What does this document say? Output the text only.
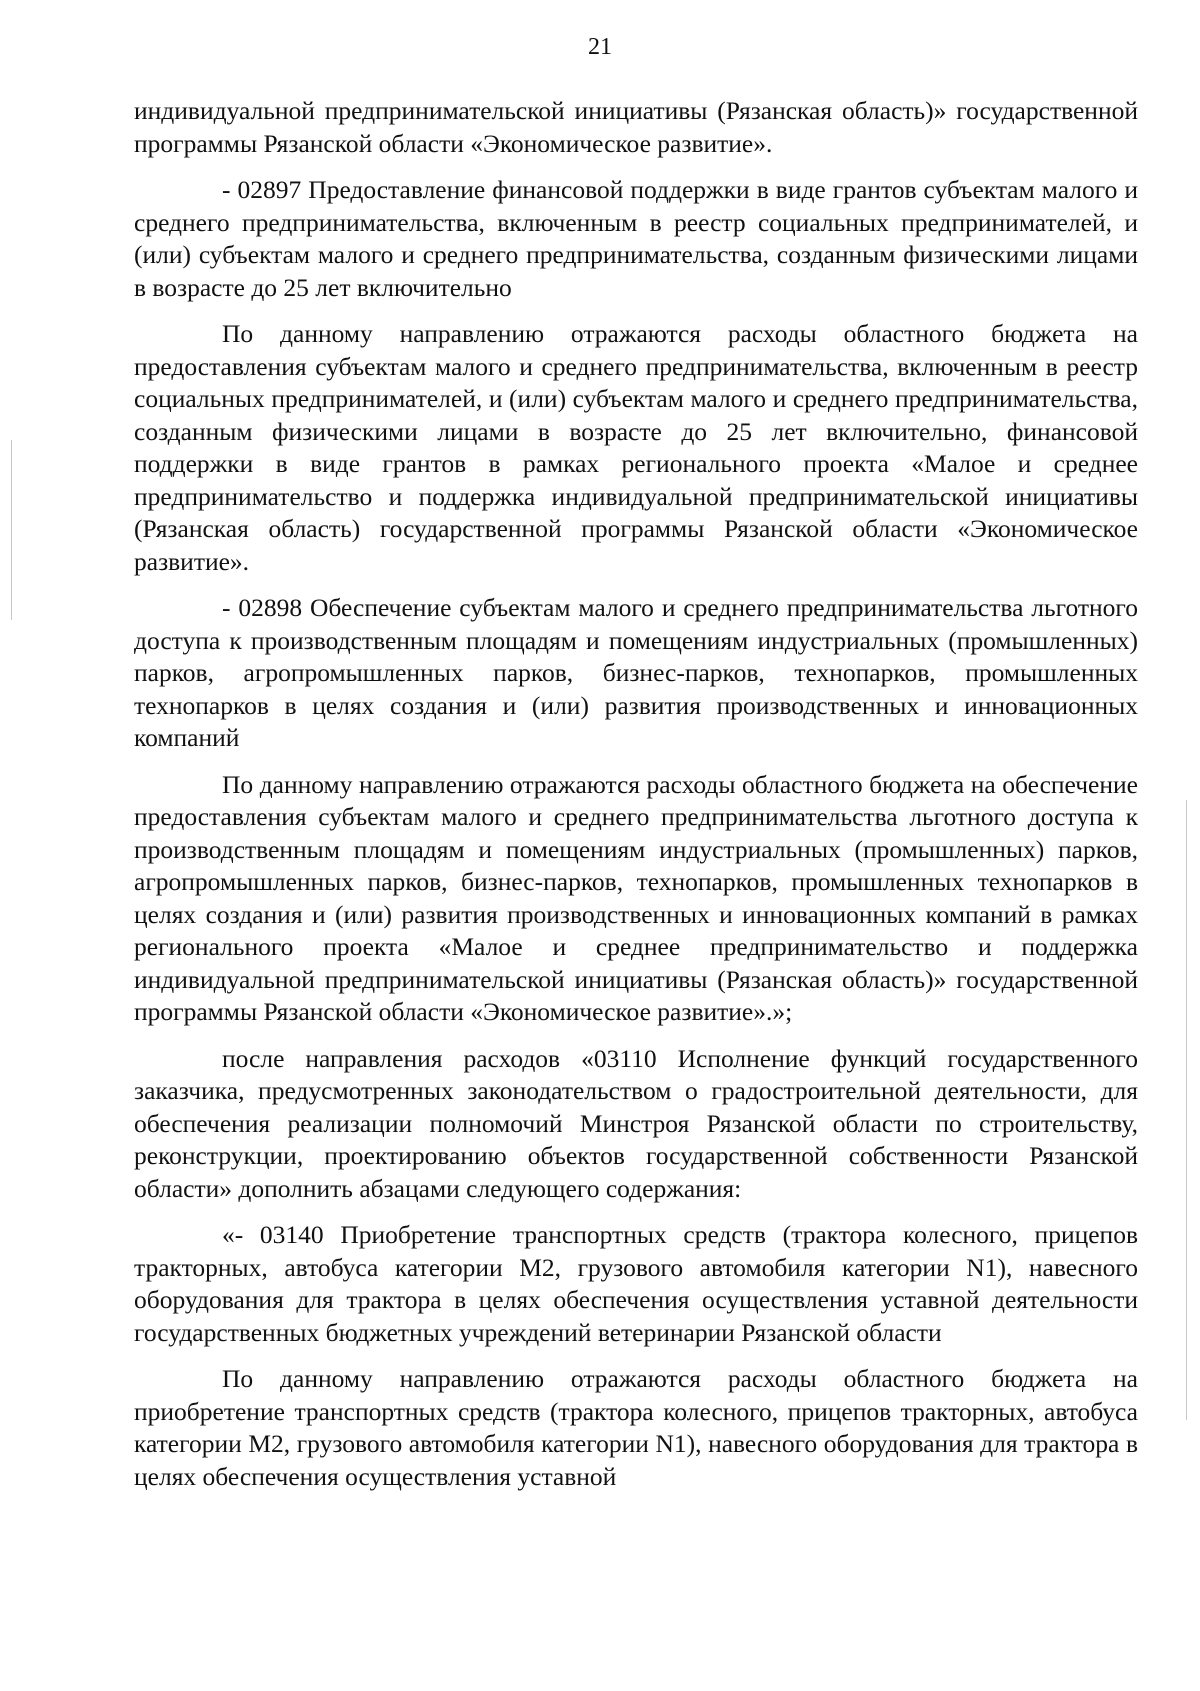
21

индивидуальной предпринимательской инициативы (Рязанская область)» государственной программы Рязанской области «Экономическое развитие».

- 02897 Предоставление финансовой поддержки в виде грантов субъектам малого и среднего предпринимательства, включенным в реестр социальных предпринимателей, и (или) субъектам малого и среднего предпринимательства, созданным физическими лицами в возрасте до 25 лет включительно

По данному направлению отражаются расходы областного бюджета на предоставления субъектам малого и среднего предпринимательства, включенным в реестр социальных предпринимателей, и (или) субъектам малого и среднего предпринимательства, созданным физическими лицами в возрасте до 25 лет включительно, финансовой поддержки в виде грантов в рамках регионального проекта «Малое и среднее предпринимательство и поддержка индивидуальной предпринимательской инициативы (Рязанская область) государственной программы Рязанской области «Экономическое развитие».

- 02898 Обеспечение субъектам малого и среднего предпринимательства льготного доступа к производственным площадям и помещениям индустриальных (промышленных) парков, агропромышленных парков, бизнес-парков, технопарков, промышленных технопарков в целях создания и (или) развития производственных и инновационных компаний

По данному направлению отражаются расходы областного бюджета на обеспечение предоставления субъектам малого и среднего предпринимательства льготного доступа к производственным площадям и помещениям индустриальных (промышленных) парков, агропромышленных парков, бизнес-парков, технопарков, промышленных технопарков в целях создания и (или) развития производственных и инновационных компаний в рамках регионального проекта «Малое и среднее предпринимательство и поддержка индивидуальной предпринимательской инициативы (Рязанская область)» государственной программы Рязанской области «Экономическое развитие».»;

после направления расходов «03110 Исполнение функций государственного заказчика, предусмотренных законодательством о градостроительной деятельности, для обеспечения реализации полномочий Минстроя Рязанской области по строительству, реконструкции, проектированию объектов государственной собственности Рязанской области» дополнить абзацами следующего содержания:

«- 03140 Приобретение транспортных средств (трактора колесного, прицепов тракторных, автобуса категории М2, грузового автомобиля категории N1), навесного оборудования для трактора в целях обеспечения осуществления уставной деятельности государственных бюджетных учреждений ветеринарии Рязанской области

По данному направлению отражаются расходы областного бюджета на приобретение транспортных средств (трактора колесного, прицепов тракторных, автобуса категории М2, грузового автомобиля категории N1), навесного оборудования для трактора в целях обеспечения осуществления уставной
